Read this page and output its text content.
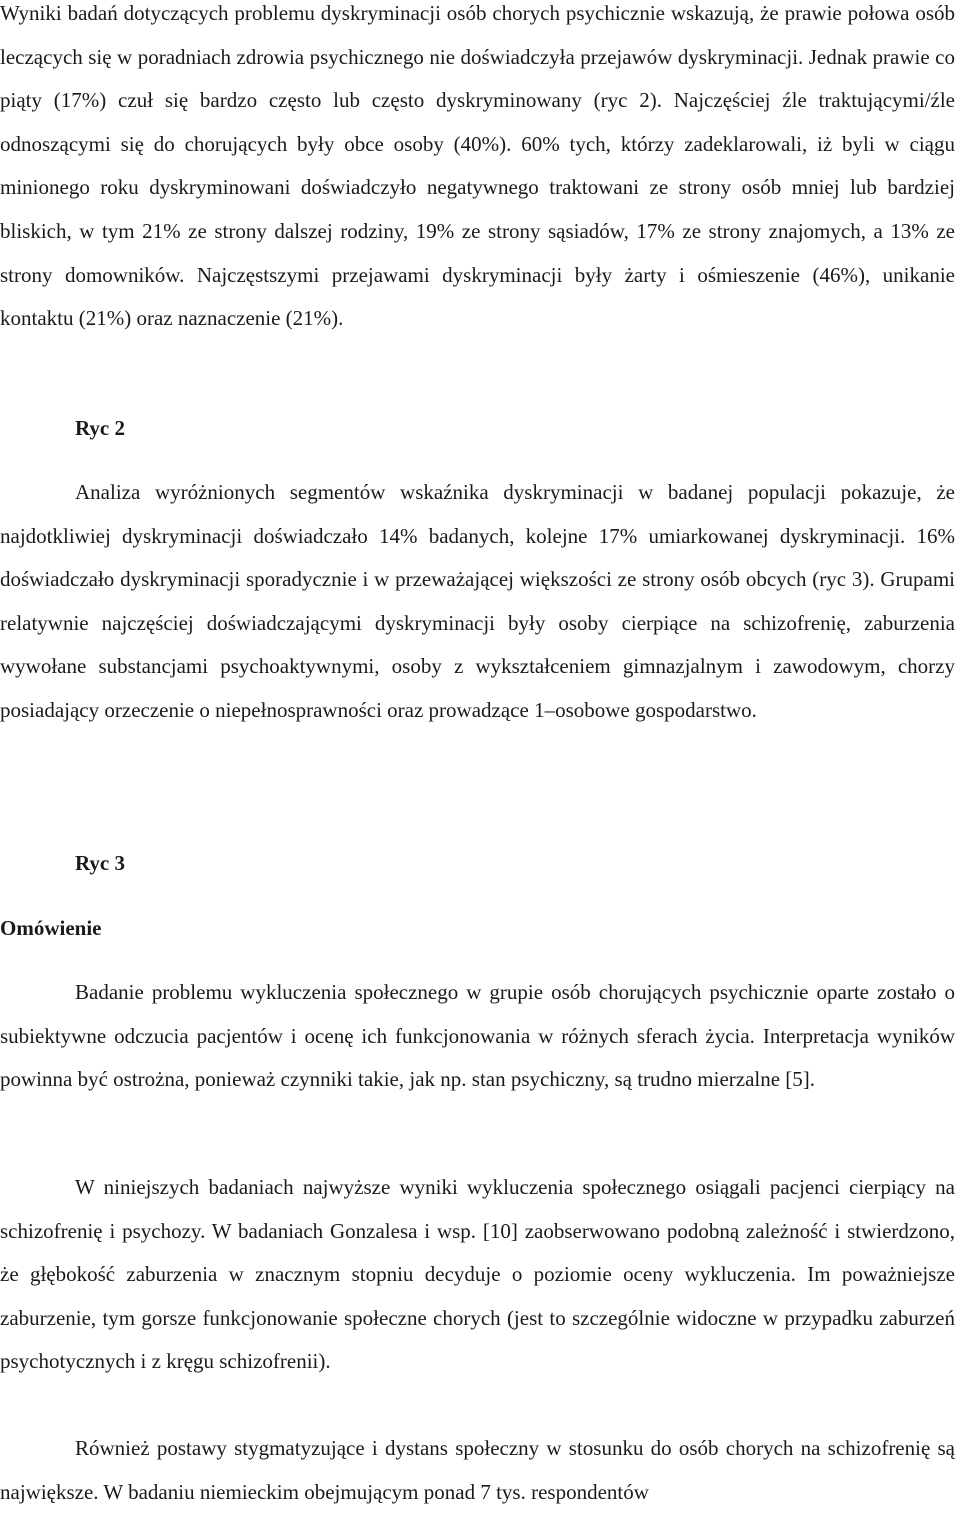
Wyniki badań dotyczących problemu dyskryminacji osób chorych psychicznie wskazują, że prawie połowa osób leczących się w poradniach zdrowia psychicznego nie doświadczyła przejawów dyskryminacji. Jednak prawie co piąty (17%) czuł się bardzo często lub często dyskryminowany (ryc 2). Najczęściej źle traktującymi/źle odnoszącymi się do chorujących były obce osoby (40%). 60% tych, którzy zadeklarowali, iż byli w ciągu minionego roku dyskryminowani doświadczyło negatywnego traktowani ze strony osób mniej lub bardziej bliskich, w tym 21% ze strony dalszej rodziny, 19% ze strony sąsiadów, 17% ze strony znajomych, a 13% ze strony domowników. Najczęstszymi przejawami dyskryminacji były żarty i ośmieszenie (46%), unikanie kontaktu (21%) oraz naznaczenie (21%).

Ryc 2

Analiza wyróżnionych segmentów wskaźnika dyskryminacji w badanej populacji pokazuje, że najdotkliwiej dyskryminacji doświadczało 14% badanych, kolejne 17% umiarkowanej dyskryminacji. 16% doświadczało dyskryminacji sporadycznie i w przeważającej większości ze strony osób obcych (ryc 3). Grupami relatywnie najczęściej doświadczającymi dyskryminacji były osoby cierpiące na schizofrenię, zaburzenia wywołane substancjami psychoaktywnymi, osoby z wykształceniem gimnazjalnym i zawodowym, chorzy posiadający orzeczenie o niepełnosprawności oraz prowadzące 1–osobowe gospodarstwo.

Ryc 3
Omówienie

Badanie problemu wykluczenia społecznego w grupie osób chorujących psychicznie oparte zostało o subiektywne odczucia pacjentów i ocenę ich funkcjonowania w różnych sferach życia. Interpretacja wyników powinna być ostrożna, ponieważ czynniki takie, jak np. stan psychiczny, są trudno mierzalne [5].

W niniejszych badaniach najwyższe wyniki wykluczenia społecznego osiągali pacjenci cierpiący na schizofrenię i psychozy. W badaniach Gonzalesa i wsp. [10] zaobserwowano podobną zależność i stwierdzono, że głębokość zaburzenia w znacznym stopniu decyduje o poziomie oceny wykluczenia. Im poważniejsze zaburzenie, tym gorsze funkcjonowanie społeczne chorych (jest to szczególnie widoczne w przypadku zaburzeń psychotycznych i z kręgu schizofrenii).

Również postawy stygmatyzujące i dystans społeczny w stosunku do osób chorych na schizofrenię są największe. W badaniu niemieckim obejmującym ponad 7 tys. respondentów
